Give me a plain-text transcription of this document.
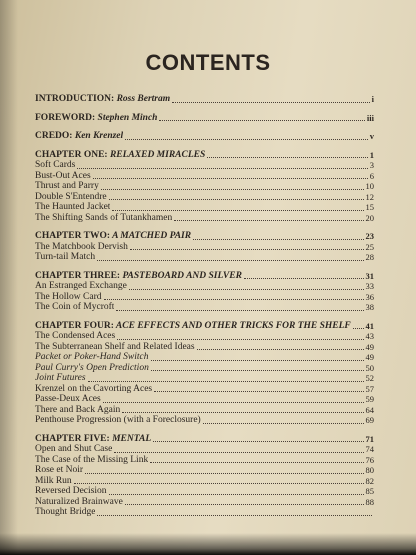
CONTENTS
INTRODUCTION: Ross Bertram	i
FOREWORD: Stephen Minch	iii
CREDO: Ken Krenzel	v
CHAPTER ONE: RELAXED MIRACLES	1
Soft Cards	3
Bust-Out Aces	6
Thrust and Parry	10
Double S'Entendre	12
The Haunted Jacket	15
The Shifting Sands of Tutankhamen	20
CHAPTER TWO: A MATCHED PAIR	23
The Matchbook Dervish	25
Turn-tail Match	28
CHAPTER THREE: PASTEBOARD AND SILVER	31
An Estranged Exchange	33
The Hollow Card	36
The Coin of Mycroft	38
CHAPTER FOUR: ACE EFFECTS AND OTHER TRICKS FOR THE SHELF 41
The Condensed Aces	43
The Subterranean Shelf and Related Ideas	49
Packet or Poker-Hand Switch	49
Paul Curry's Open Prediction	50
Joint Futures	52
Krenzel on the Cavorting Aces	57
Passe-Deux Aces	59
There and Back Again	64
Penthouse Progression (with a Foreclosure)	69
CHAPTER FIVE: MENTAL	71
Open and Shut Case	74
The Case of the Missing Link	76
Rose et Noir	80
Milk Run	82
Reversed Decision	85
Naturalized Brainwave	88
Thought Bridge
